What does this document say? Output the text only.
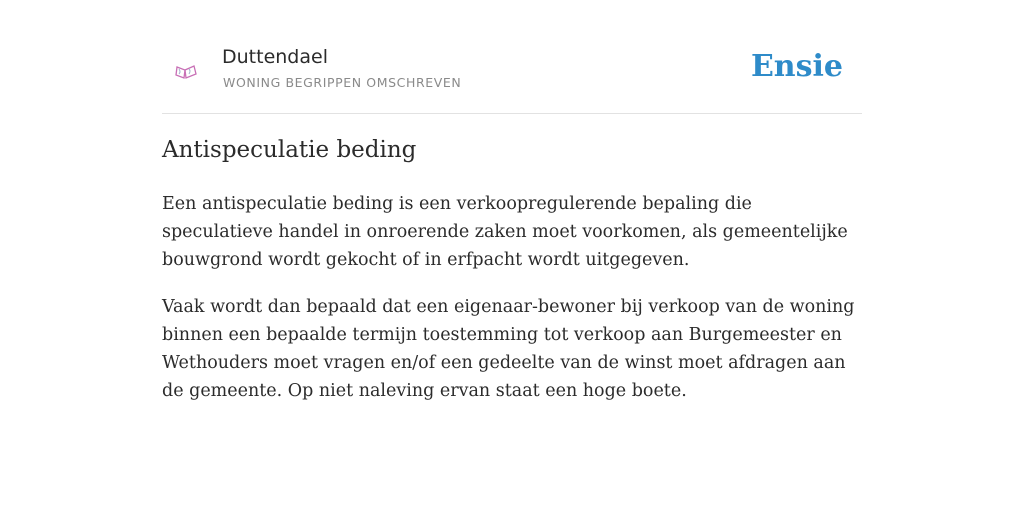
Duttendael
WONING BEGRIPPEN OMSCHREVEN	Ensie
Antispeculatie beding

Een antispeculatie beding is een verkoopregulerende bepaling die speculatieve handel in onroerende zaken moet voorkomen, als gemeentelijke bouwgrond wordt gekocht of in erfpacht wordt uitgegeven.

Vaak wordt dan bepaald dat een eigenaar-bewoner bij verkoop van de woning binnen een bepaalde termijn toestemming tot verkoop aan Burgemeester en Wethouders moet vragen en/of een gedeelte van de winst moet afdragen aan de gemeente. Op niet naleving ervan staat een hoge boete.
